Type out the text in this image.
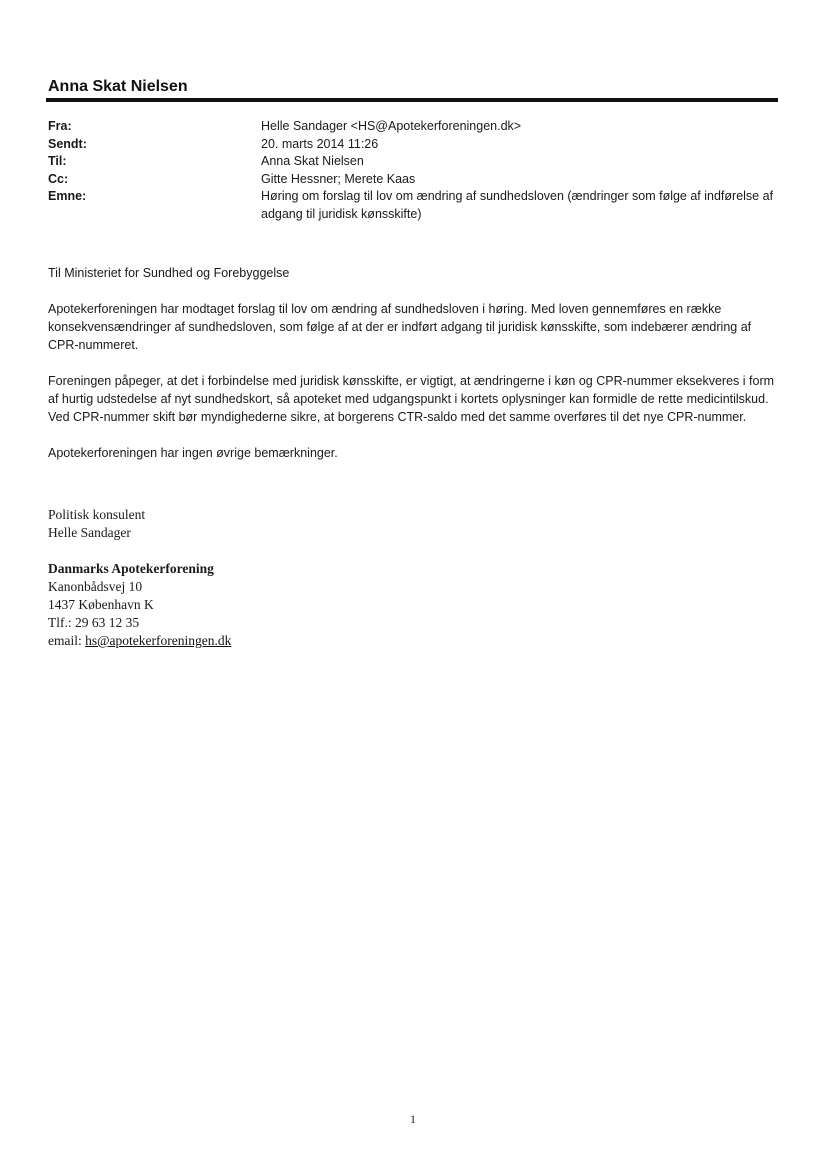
Anna Skat Nielsen
Fra:	Helle Sandager <HS@Apotekerforeningen.dk>
Sendt:	20. marts 2014 11:26
Til:	Anna Skat Nielsen
Cc:	Gitte Hessner; Merete Kaas
Emne:	Høring om forslag til lov om ændring af sundhedsloven (ændringer som følge af indførelse af adgang til juridisk kønsskifte)

Til Ministeriet for Sundhed og Forebyggelse

Apotekerforeningen har modtaget forslag til lov om ændring af sundhedsloven i høring. Med loven gennemføres en række konsekvensændringer af sundhedsloven, som følge af at der er indført adgang til juridisk kønsskifte, som indebærer ændring af CPR-nummeret.

Foreningen påpeger, at det i forbindelse med juridisk kønsskifte, er vigtigt, at ændringerne i køn og CPR-nummer eksekveres i form af hurtig udstedelse af nyt sundhedskort, så apoteket med udgangspunkt i kortets oplysninger kan formidle de rette medicintilskud. Ved CPR-nummer skift bør myndighederne sikre, at borgerens CTR-saldo med det samme overføres til det nye CPR-nummer.

Apotekerforeningen har ingen øvrige bemærkninger.

Politisk konsulent
Helle Sandager
Danmarks Apotekerforening
Kanonbådsvej 10
1437 København K
Tlf.: 29 63 12 35
email: hs@apotekerforeningen.dk
1
